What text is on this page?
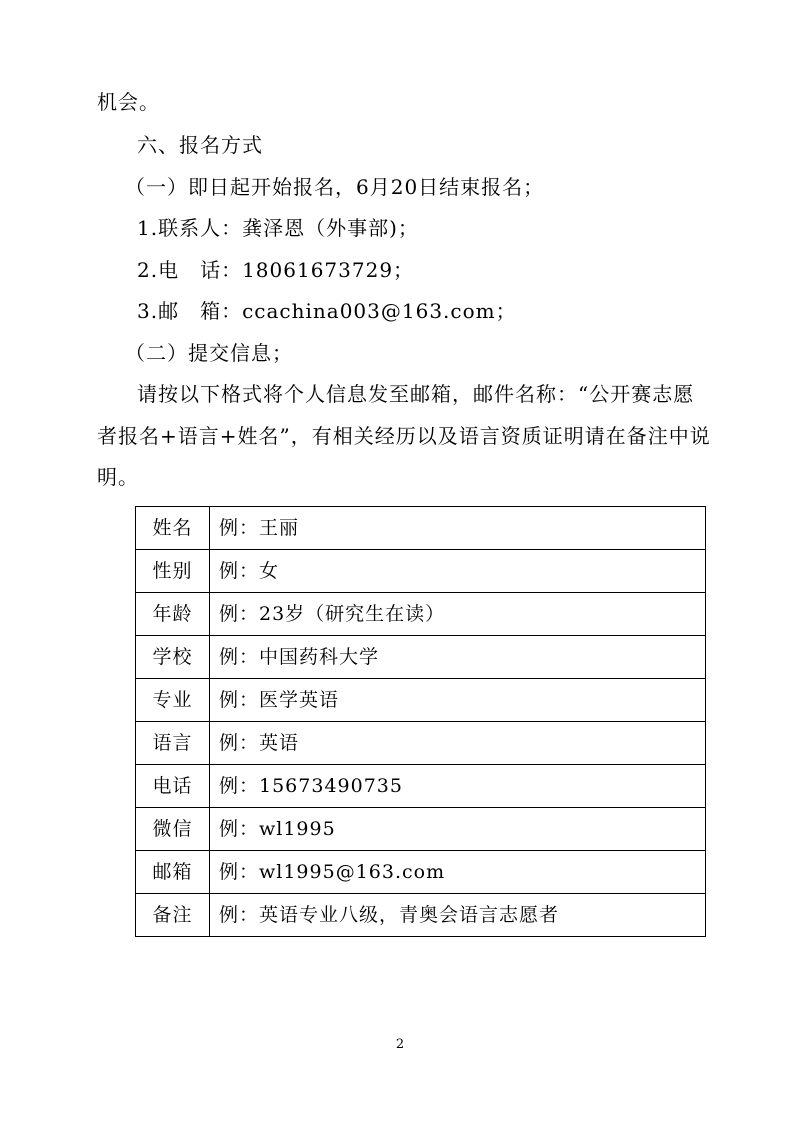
机会。
六、报名方式
（一）即日起开始报名，6月20日结束报名；
1.联系人：龚泽恩（外事部)；
2.电　话：18061673729；
3.邮　箱：ccachina003@163.com；
（二）提交信息；
请按以下格式将个人信息发至邮箱，邮件名称：“公开赛志愿
者报名+语言+姓名”，有相关经历以及语言资质证明请在备注中说
明。
姓名	例：王丽
性别	例：女
年龄	例：23岁（研究生在读）
学校	例：中国药科大学
专业	例：医学英语
语言	例：英语
电话	例：15673490735
微信	例：wl1995
邮箱	例：wl1995@163.com
备注	例：英语专业八级，青奥会语言志愿者
2
